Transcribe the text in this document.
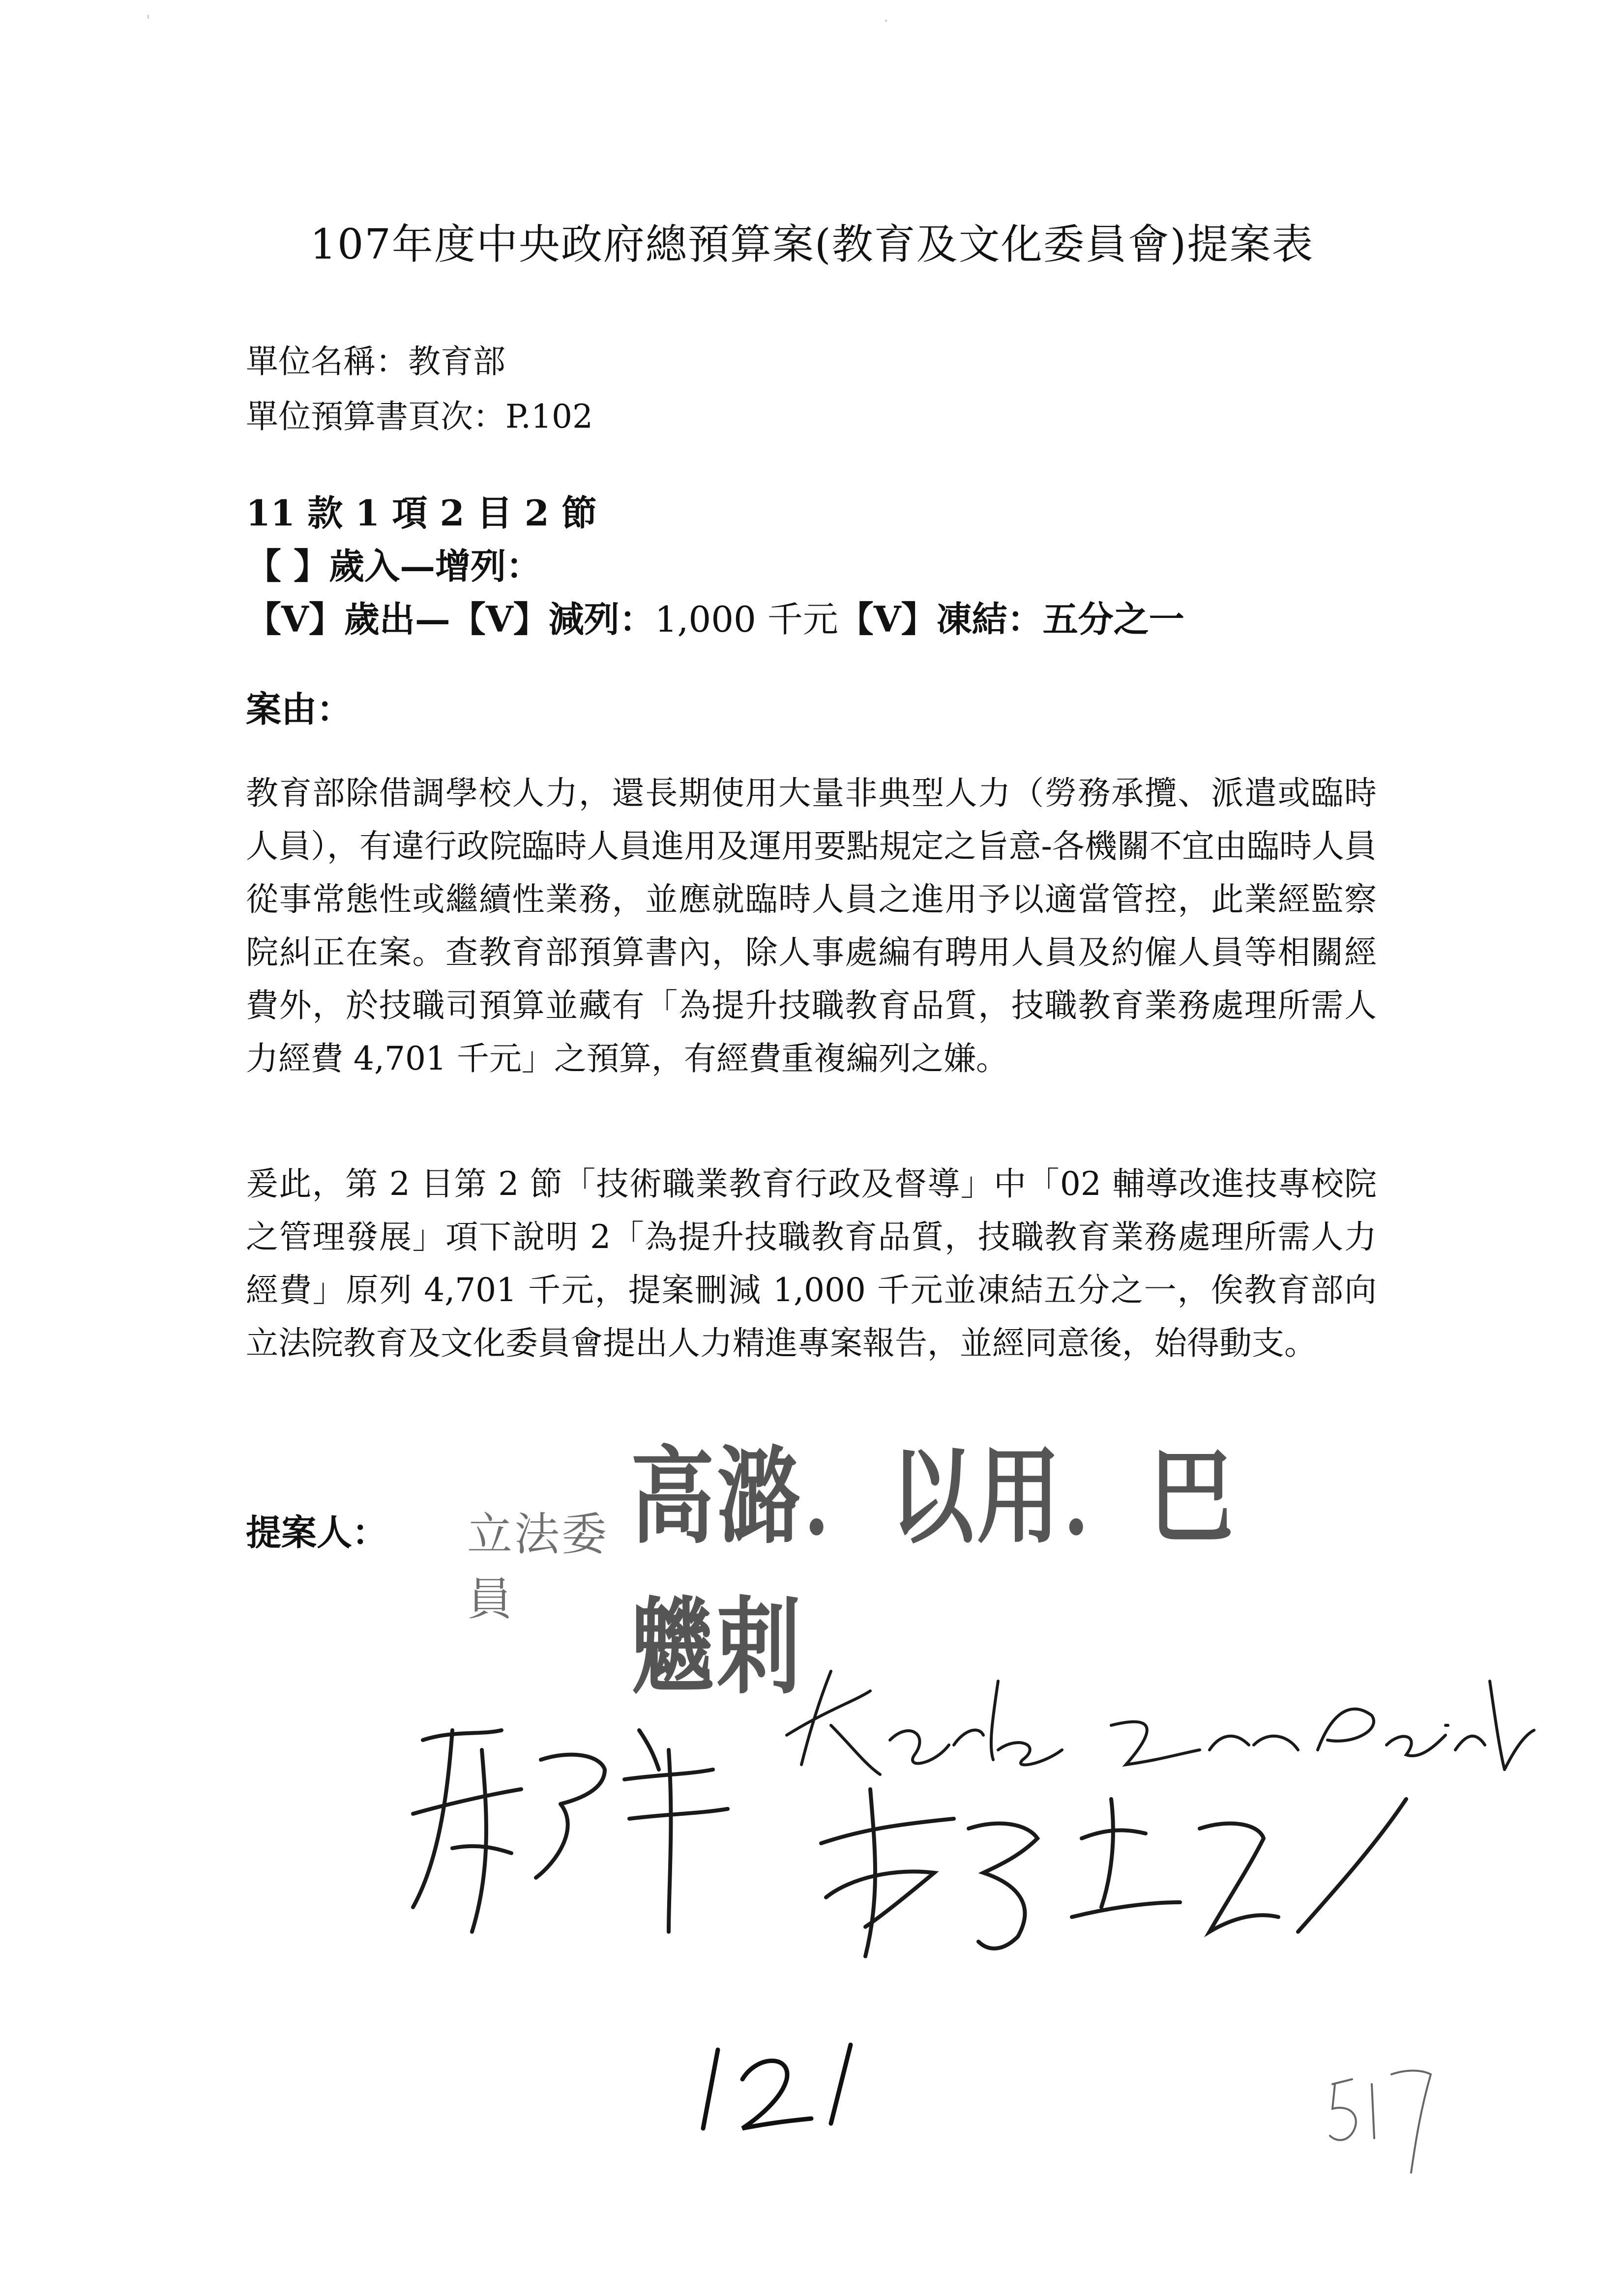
107年度中央政府總預算案(教育及文化委員會)提案表
單位名稱：教育部
單位預算書頁次：P.102
11 款 1 項 2 目 2 節
【 】歲入—增列：
【V】歲出—【V】減列：1,000 千元【V】凍結：五分之一
案由：
教育部除借調學校人力，還長期使用大量非典型人力（勞務承攬、派遣或臨時人員），有違行政院臨時人員進用及運用要點規定之旨意-各機關不宜由臨時人員從事常態性或繼續性業務，並應就臨時人員之進用予以適當管控，此業經監察院糾正在案。查教育部預算書內，除人事處編有聘用人員及約僱人員等相關經費外，於技職司預算並藏有「為提升技職教育品質，技職教育業務處理所需人力經費 4,701 千元」之預算，有經費重複編列之嫌。
爰此，第 2 目第 2 節「技術職業教育行政及督導」中「02 輔導改進技專校院之管理發展」項下說明 2「為提升技職教育品質，技職教育業務處理所需人力經費」原列 4,701 千元，提案刪減 1,000 千元並凍結五分之一，俟教育部向立法院教育及文化委員會提出人力精進專案報告，並經同意後，始得動支。
提案人： 立法委員
高潞．以用．巴魕剌
